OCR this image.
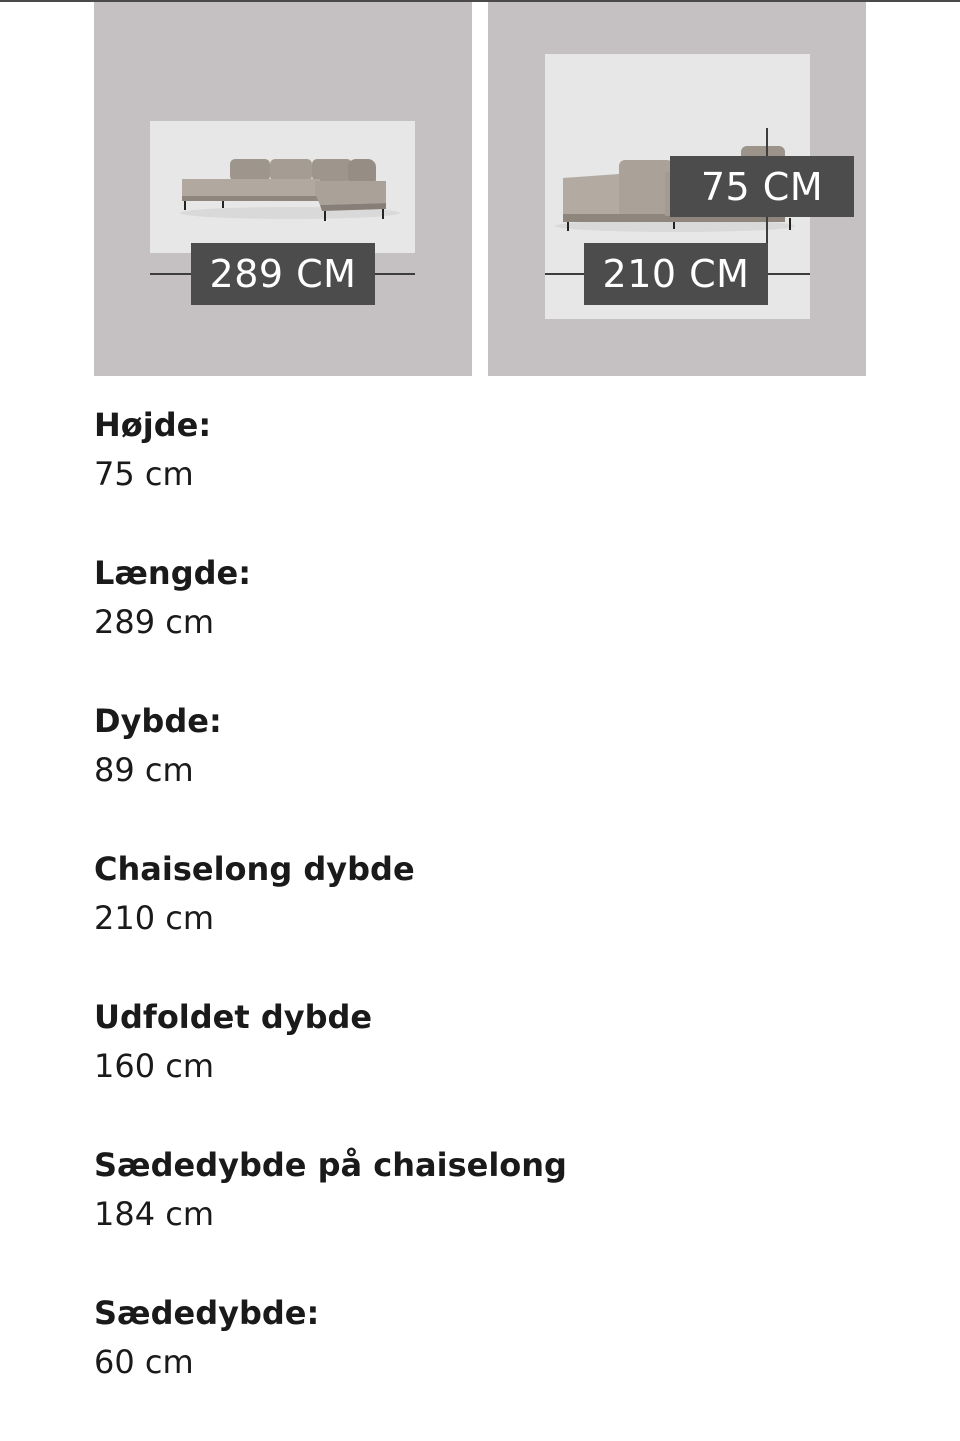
289 CM
75 CM
210 CM
Højde:
75 cm
Længde:
289 cm
Dybde:
89 cm
Chaiselong dybde
210 cm
Udfoldet dybde
160 cm
Sædedybde på chaiselong
184 cm
Sædedybde:
60 cm
